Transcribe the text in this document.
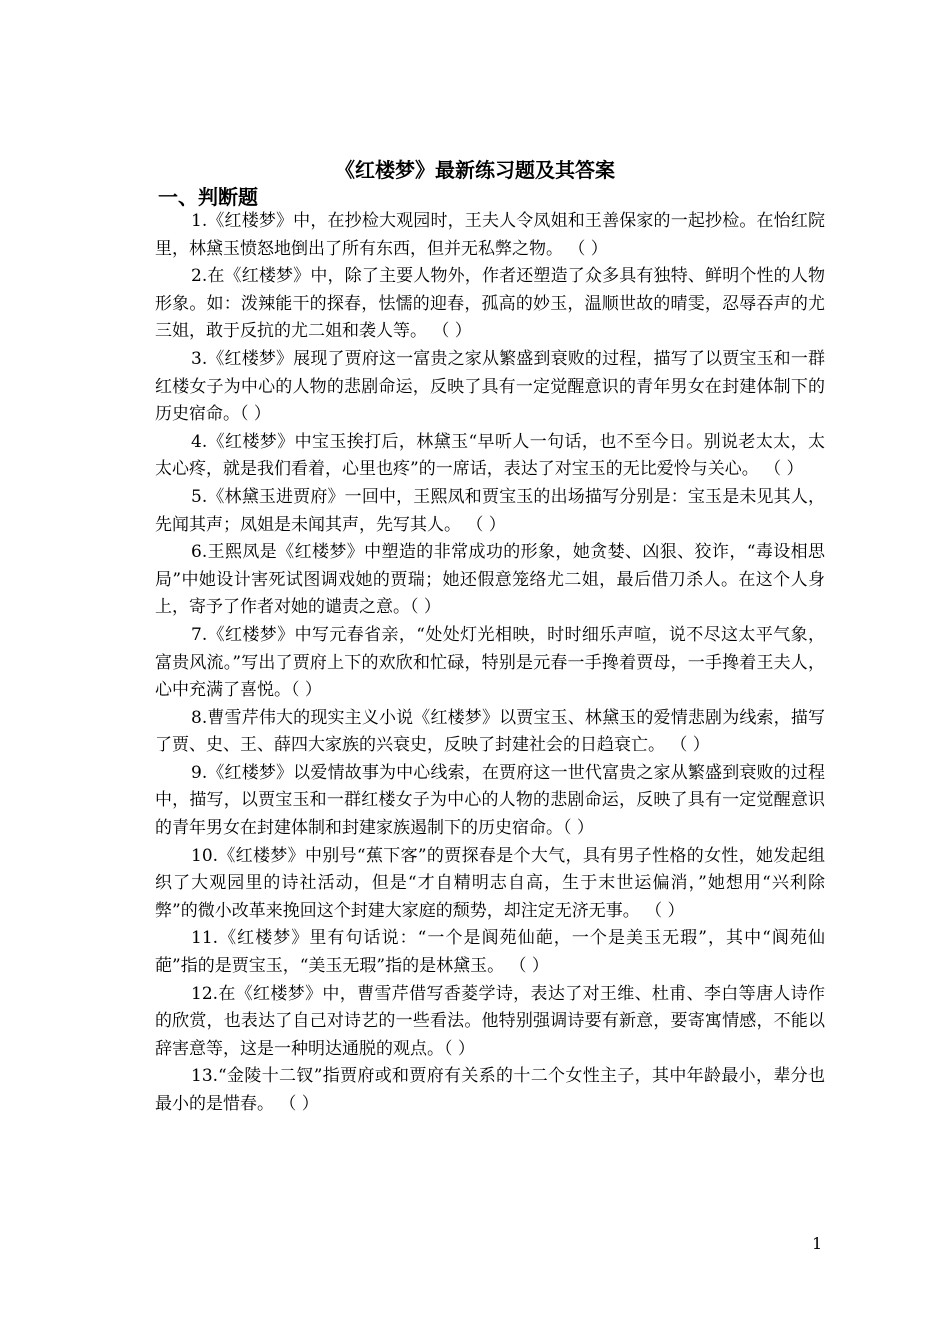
《红楼梦》最新练习题及其答案
一、判断题
1.《红楼梦》中，在抄检大观园时，王夫人令凤姐和王善保家的一起抄检。在怡红院里，林黛玉愤怒地倒出了所有东西，但并无私弊之物。 （ ）
2.在《红楼梦》中，除了主要人物外，作者还塑造了众多具有独特、鲜明个性的人物形象。如：泼辣能干的探春，怯懦的迎春，孤高的妙玉，温顺世故的晴雯，忍辱吞声的尤三姐，敢于反抗的尤二姐和袭人等。 （ ）
3.《红楼梦》展现了贾府这一富贵之家从繁盛到衰败的过程，描写了以贾宝玉和一群红楼女子为中心的人物的悲剧命运，反映了具有一定觉醒意识的青年男女在封建体制下的历史宿命。（ ）
4.《红楼梦》中宝玉挨打后，林黛玉“早听人一句话，也不至今日。别说老太太，太太心疼，就是我们看着，心里也疼”的一席话，表达了对宝玉的无比爱怜与关心。 （ ）
5.《林黛玉进贾府》一回中，王熙凤和贾宝玉的出场描写分别是：宝玉是未见其人，先闻其声；凤姐是未闻其声，先写其人。 （ ）
6.王熙凤是《红楼梦》中塑造的非常成功的形象，她贪婪、凶狠、狡诈，“毒设相思局”中她设计害死试图调戏她的贾瑞；她还假意笼络尤二姐，最后借刀杀人。在这个人身上，寄予了作者对她的谴责之意。（ ）
7.《红楼梦》中写元春省亲，“处处灯光相映，时时细乐声喧，说不尽这太平气象，富贵风流。”写出了贾府上下的欢欣和忙碌，特别是元春一手搀着贾母，一手搀着王夫人，心中充满了喜悦。（ ）
8.曹雪芹伟大的现实主义小说《红楼梦》以贾宝玉、林黛玉的爱情悲剧为线索，描写了贾、史、王、薛四大家族的兴衰史，反映了封建社会的日趋衰亡。 （ ）
9.《红楼梦》以爱情故事为中心线索，在贾府这一世代富贵之家从繁盛到衰败的过程中，描写，以贾宝玉和一群红楼女子为中心的人物的悲剧命运，反映了具有一定觉醒意识的青年男女在封建体制和封建家族遏制下的历史宿命。（ ）
10.《红楼梦》中别号“蕉下客”的贾探春是个大气，具有男子性格的女性，她发起组织了大观园里的诗社活动，但是“才自精明志自高，生于末世运偏消，”她想用“兴利除弊”的微小改革来挽回这个封建大家庭的颓势，却注定无济无事。 （ ）
11.《红楼梦》里有句话说：“一个是阆苑仙葩，一个是美玉无瑕”，其中“阆苑仙葩”指的是贾宝玉，“美玉无瑕”指的是林黛玉。 （ ）
12.在《红楼梦》中，曹雪芹借写香菱学诗，表达了对王维、杜甫、李白等唐人诗作的欣赏，也表达了自己对诗艺的一些看法。他特别强调诗要有新意，要寄寓情感，不能以辞害意等，这是一种明达通脱的观点。（ ）
13.“金陵十二钗”指贾府或和贾府有关系的十二个女性主子，其中年龄最小，辈分也最小的是惜春。 （ ）
1
